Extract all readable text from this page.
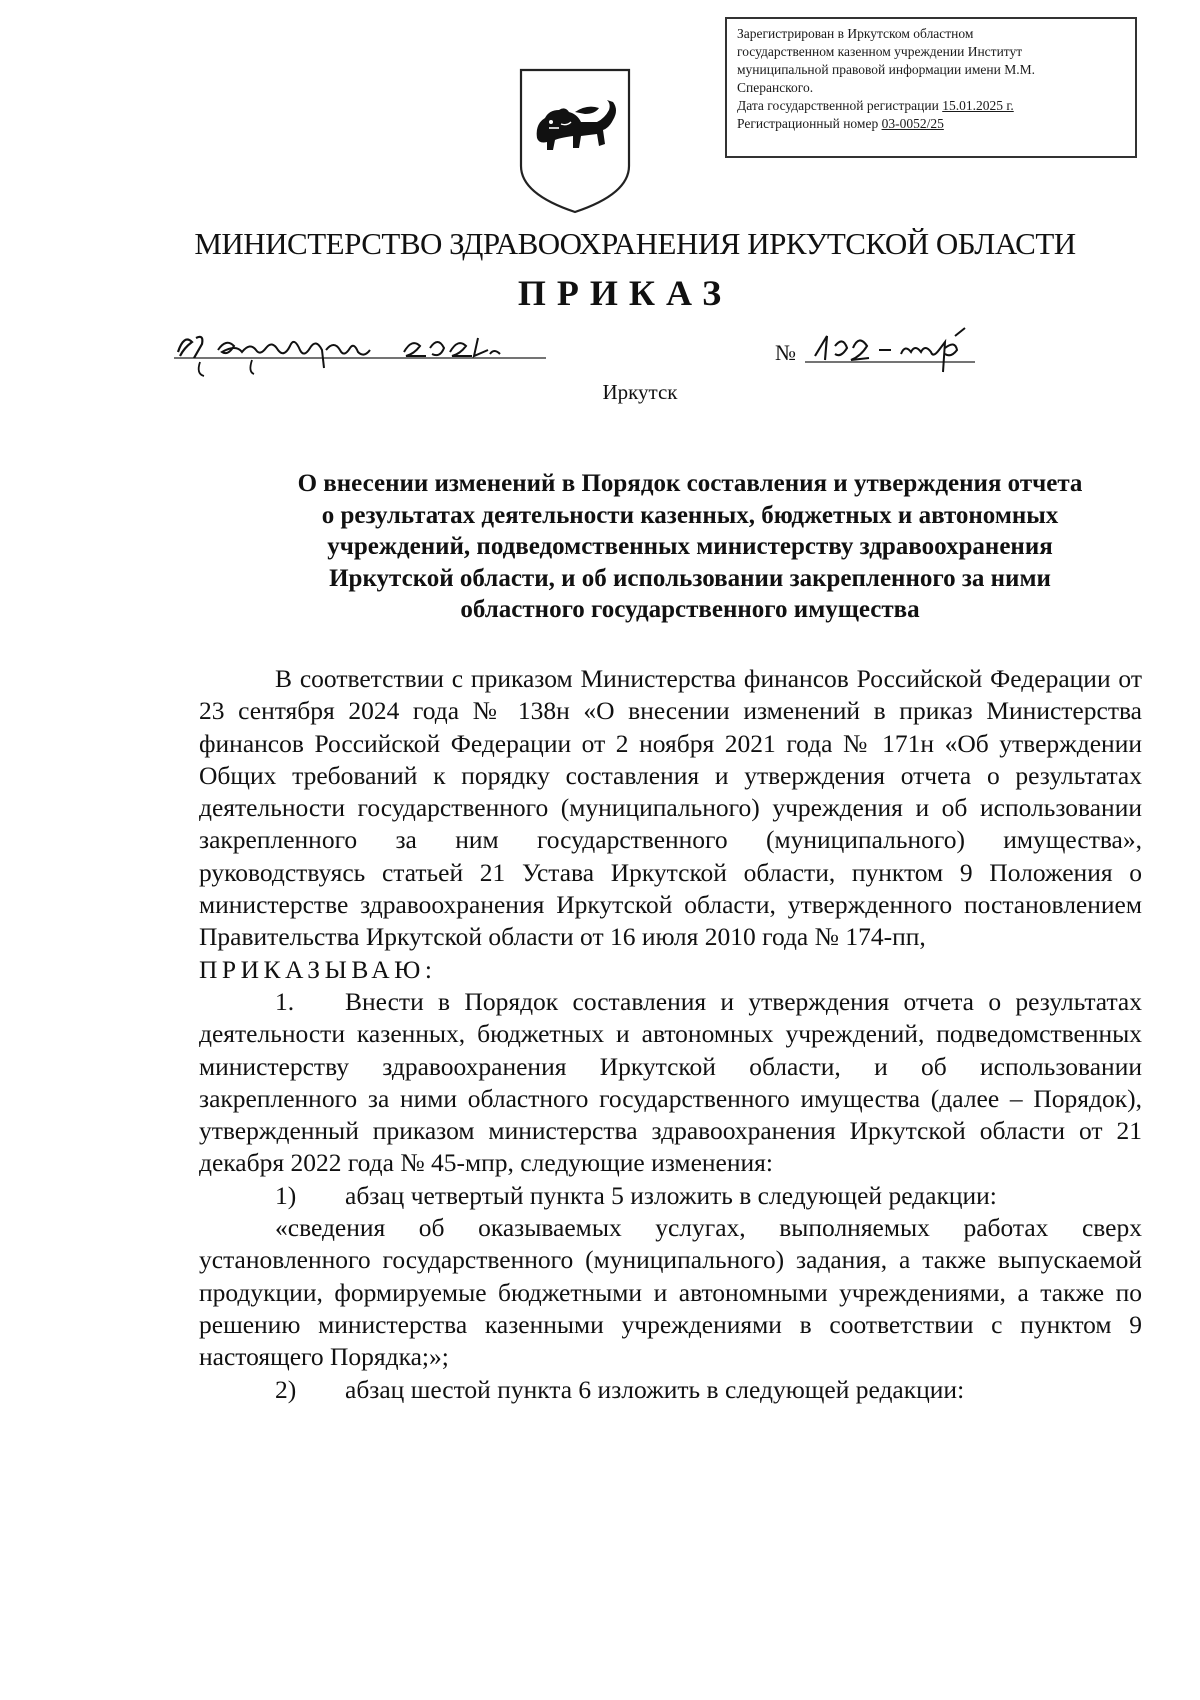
Зарегистрирован в Иркутском областном
государственном казенном учреждении Институт
муниципальной правовой информации имени М.М.
Сперанского.
Дата государственной регистрации 15.01.2025 г.
Регистрационный номер 03-0052/25
МИНИСТЕРСТВО ЗДРАВООХРАНЕНИЯ ИРКУТСКОЙ ОБЛАСТИ
ПРИКАЗ
№
Иркутск
О внесении изменений в Порядок составления и утверждения отчета
о результатах деятельности казенных, бюджетных и автономных
учреждений, подведомственных министерству здравоохранения
Иркутской области, и об использовании закрепленного за ними
областного государственного имущества

В соответствии с приказом Министерства финансов Российской Федерации от 23 сентября 2024 года № 138н «О внесении изменений в приказ Министерства финансов Российской Федерации от 2 ноября 2021 года № 171н «Об утверждении Общих требований к порядку составления и утверждения отчета о результатах деятельности государственного (муниципального) учреждения и об использовании закрепленного за ним государственного (муниципального) имущества», руководствуясь статьей 21 Устава Иркутской области, пунктом 9 Положения о министерстве здравоохранения Иркутской области, утвержденного постановлением Правительства Иркутской области от 16 июля 2010 года № 174-пп,

ПРИКАЗЫВАЮ:

1. Внести в Порядок составления и утверждения отчета о результатах деятельности казенных, бюджетных и автономных учреждений, подведомственных министерству здравоохранения Иркутской области, и об использовании закрепленного за ними областного государственного имущества (далее – Порядок), утвержденный приказом министерства здравоохранения Иркутской области от 21 декабря 2022 года № 45-мпр, следующие изменения:

1) абзац четвертый пункта 5 изложить в следующей редакции:

«сведения об оказываемых услугах, выполняемых работах сверх установленного государственного (муниципального) задания, а также выпускаемой продукции, формируемые бюджетными и автономными учреждениями, а также по решению министерства казенными учреждениями в соответствии с пунктом 9 настоящего Порядка;»;

2) абзац шестой пункта 6 изложить в следующей редакции:
